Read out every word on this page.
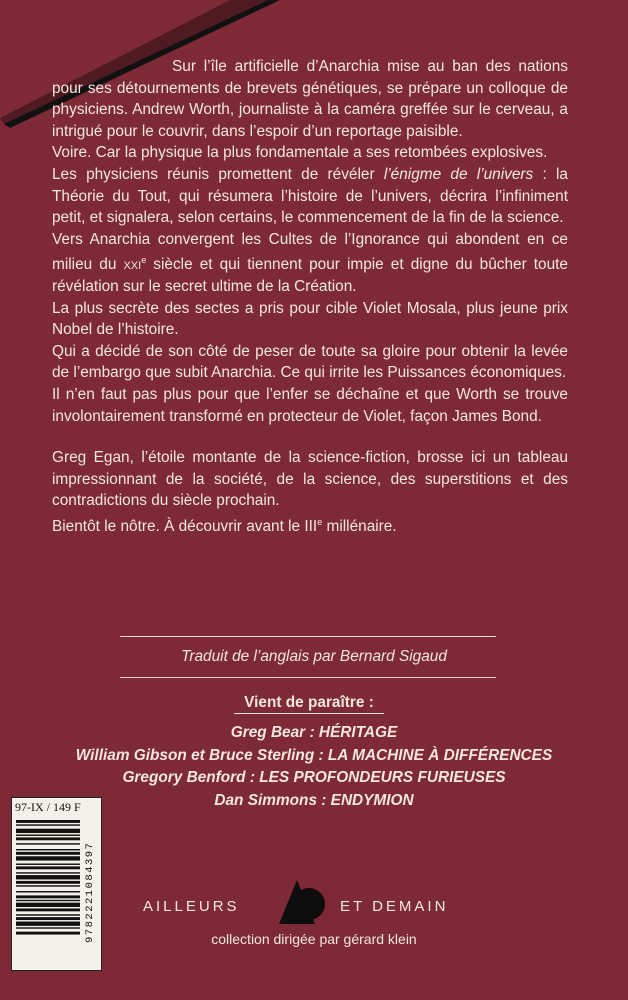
Sur l’île artificielle d’Anarchia mise au ban des nations pour ses détournements de brevets génétiques, se prépare un colloque de physiciens. Andrew Worth, journaliste à la caméra greffée sur le cerveau, a intrigué pour le couvrir, dans l’espoir d’un reportage paisible.

Voire. Car la physique la plus fondamentale a ses retombées explosives.

Les physiciens réunis promettent de révéler l’énigme de l’univers : la Théorie du Tout, qui résumera l’histoire de l’univers, décrira l’infiniment petit, et signalera, selon certains, le commencement de la fin de la science.

Vers Anarchia convergent les Cultes de l’Ignorance qui abondent en ce milieu du xxi$^e$ siècle et qui tiennent pour impie et digne du bûcher toute révélation sur le secret ultime de la Création.

La plus secrète des sectes a pris pour cible Violet Mosala, plus jeune prix Nobel de l’histoire.

Qui a décidé de son côté de peser de toute sa gloire pour obtenir la levée de l’embargo que subit Anarchia. Ce qui irrite les Puissances économiques.

Il n’en faut pas plus pour que l’enfer se déchaîne et que Worth se trouve involontairement transformé en protecteur de Violet, façon James Bond.

Greg Egan, l’étoile montante de la science-fiction, brosse ici un tableau impressionnant de la société, de la science, des superstitions et des contradictions du siècle prochain.

Bientôt le nôtre. À découvrir avant le IIIe millénaire.

Traduit de l’anglais par Bernard Sigaud
Vient de paraître :
Greg Bear : HÉRITAGE
William Gibson et Bruce Sterling : LA MACHINE À DIFFÉRENCES
Gregory Benford : LES PROFONDEURS FURIEUSES
Dan Simmons : ENDYMION
97-IX / 149 F
9782221084397	AILLEURS	ET DEMAIN
collection dirigée par gérard klein
